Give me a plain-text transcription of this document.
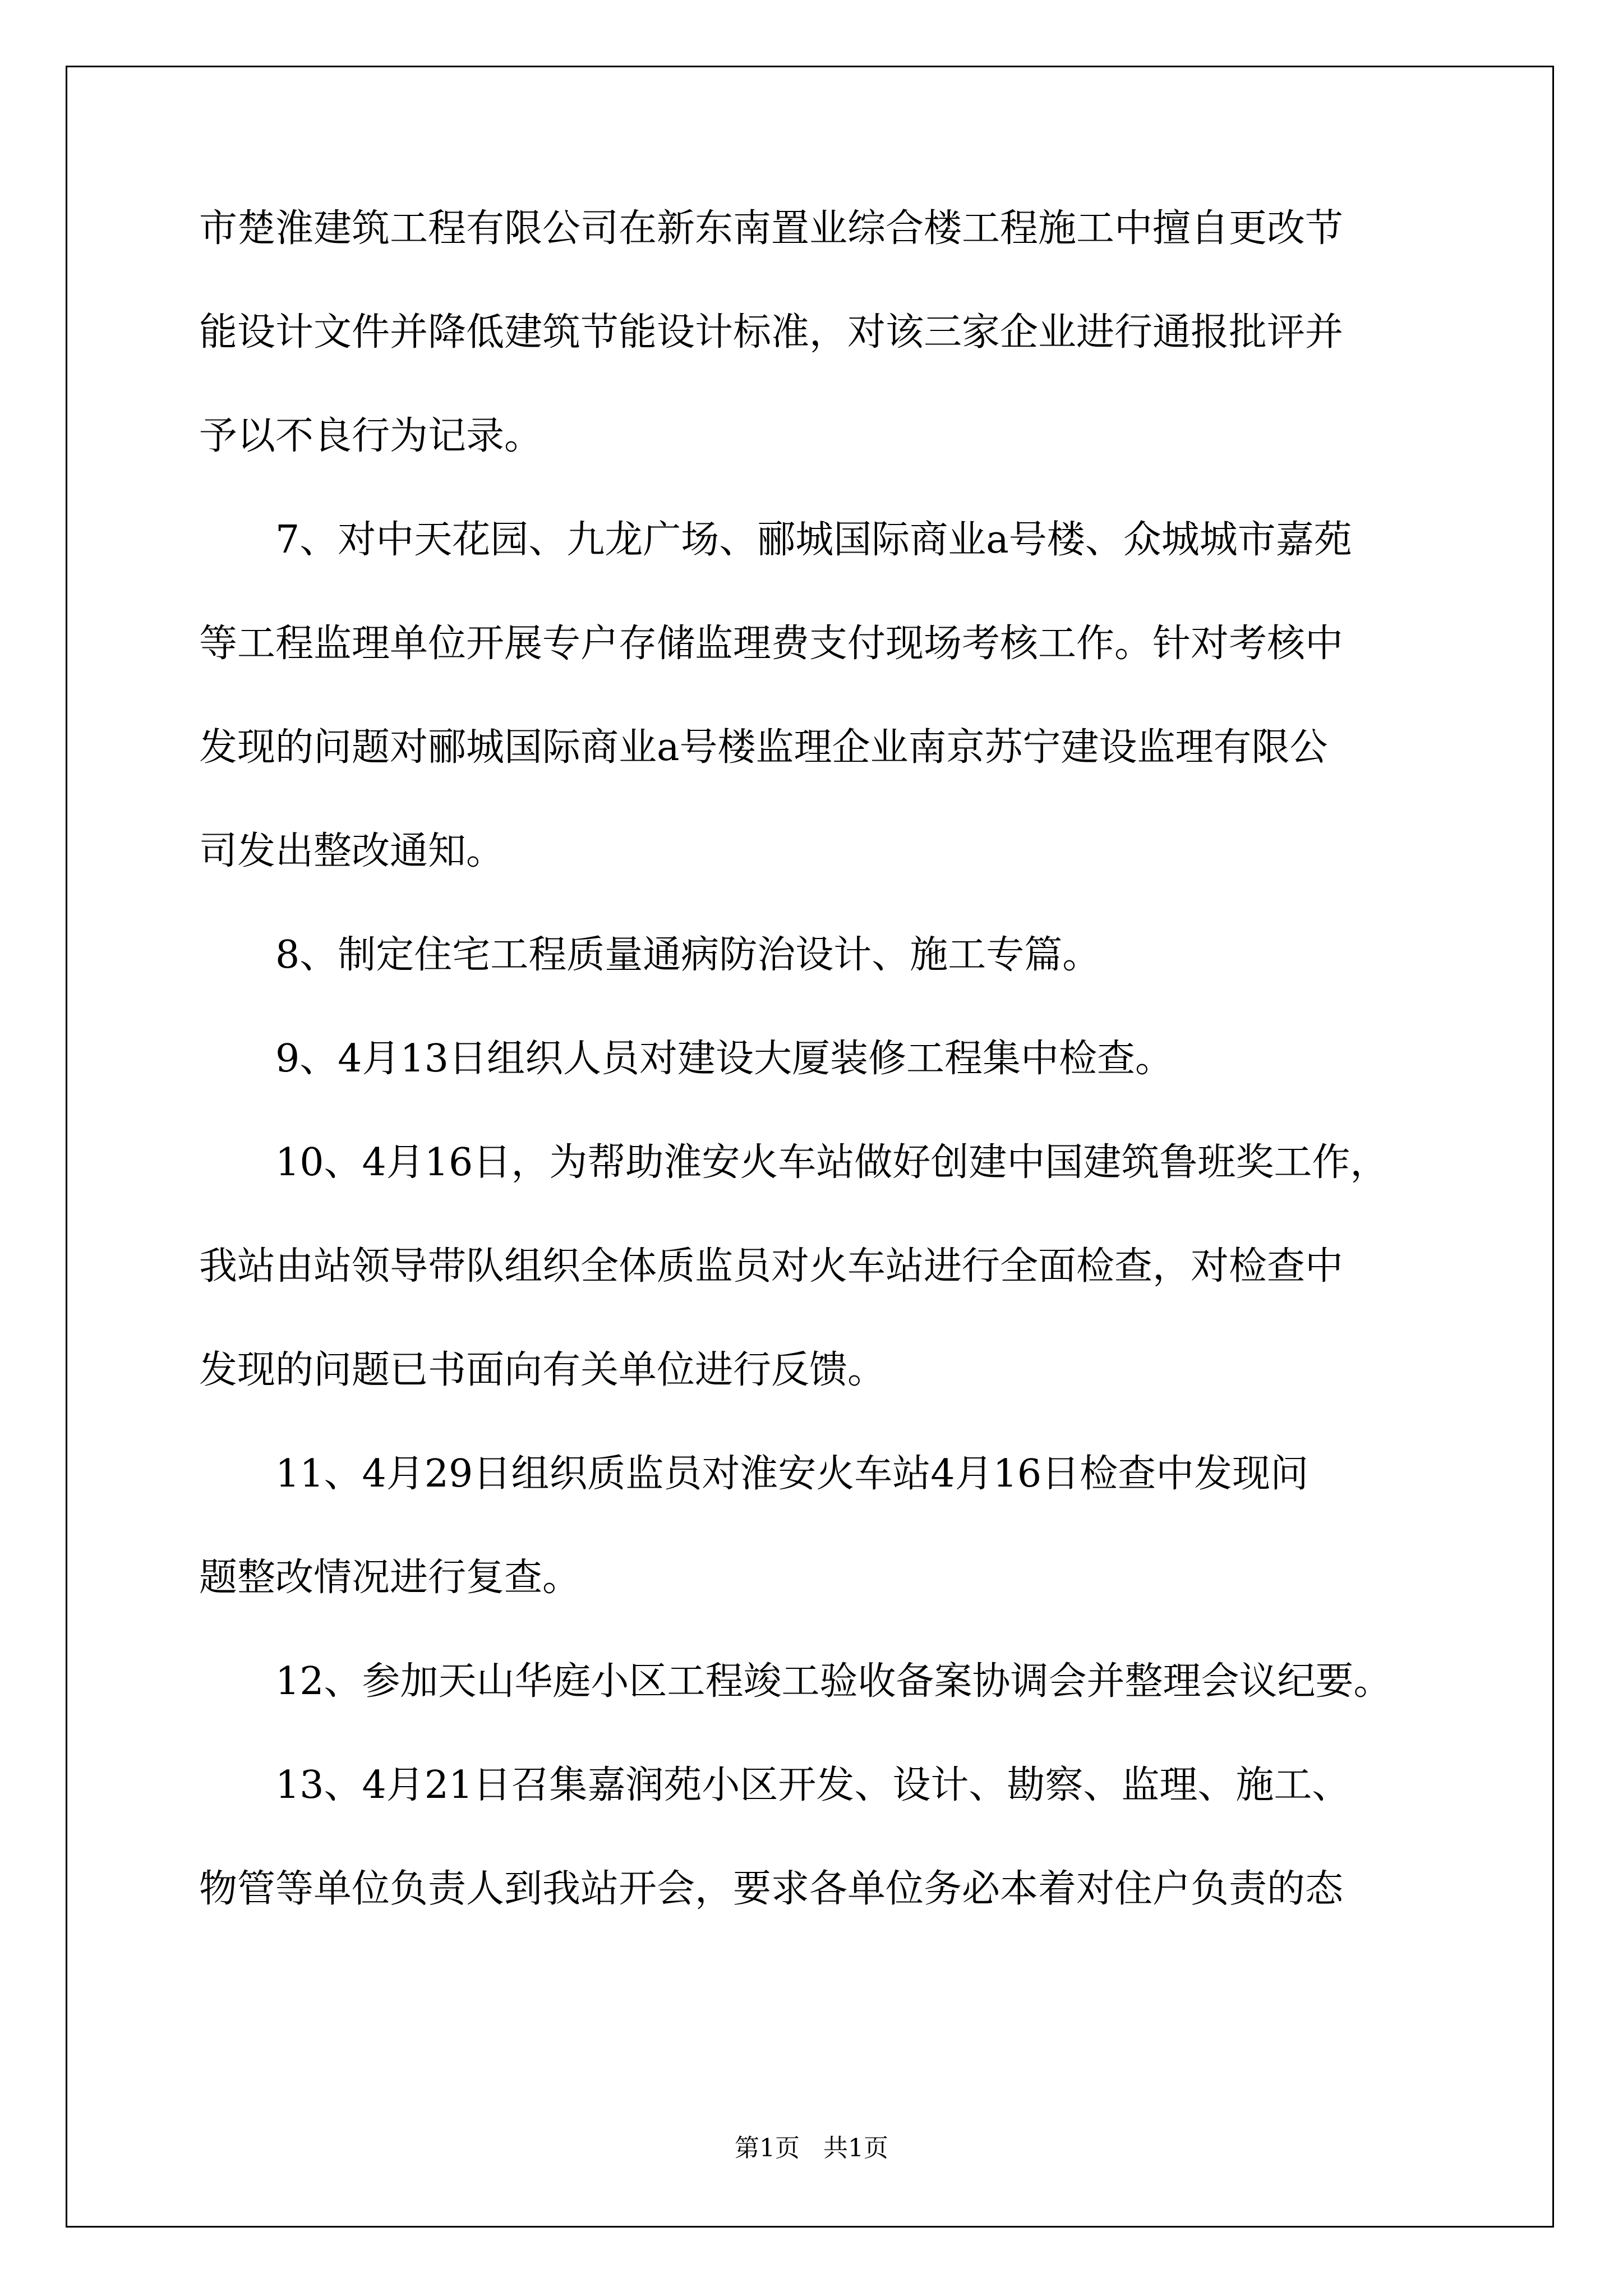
市楚淮建筑工程有限公司在新东南置业综合楼工程施工中擅自更改节
能设计文件并降低建筑节能设计标准，对该三家企业进行通报批评并
予以不良行为记录。
7、对中天花园、九龙广场、郦城国际商业a号楼、众城城市嘉苑
等工程监理单位开展专户存储监理费支付现场考核工作。针对考核中
发现的问题对郦城国际商业a号楼监理企业南京苏宁建设监理有限公
司发出整改通知。
8、制定住宅工程质量通病防治设计、施工专篇。
9、4月13日组织人员对建设大厦装修工程集中检查。
10、4月16日，为帮助淮安火车站做好创建中国建筑鲁班奖工作，
我站由站领导带队组织全体质监员对火车站进行全面检查，对检查中
发现的问题已书面向有关单位进行反馈。
11、4月29日组织质监员对淮安火车站4月16日检查中发现问
题整改情况进行复查。
12、参加天山华庭小区工程竣工验收备案协调会并整理会议纪要。
13、4月21日召集嘉润苑小区开发、设计、勘察、监理、施工、
物管等单位负责人到我站开会，要求各单位务必本着对住户负责的态
第1页   共1页
